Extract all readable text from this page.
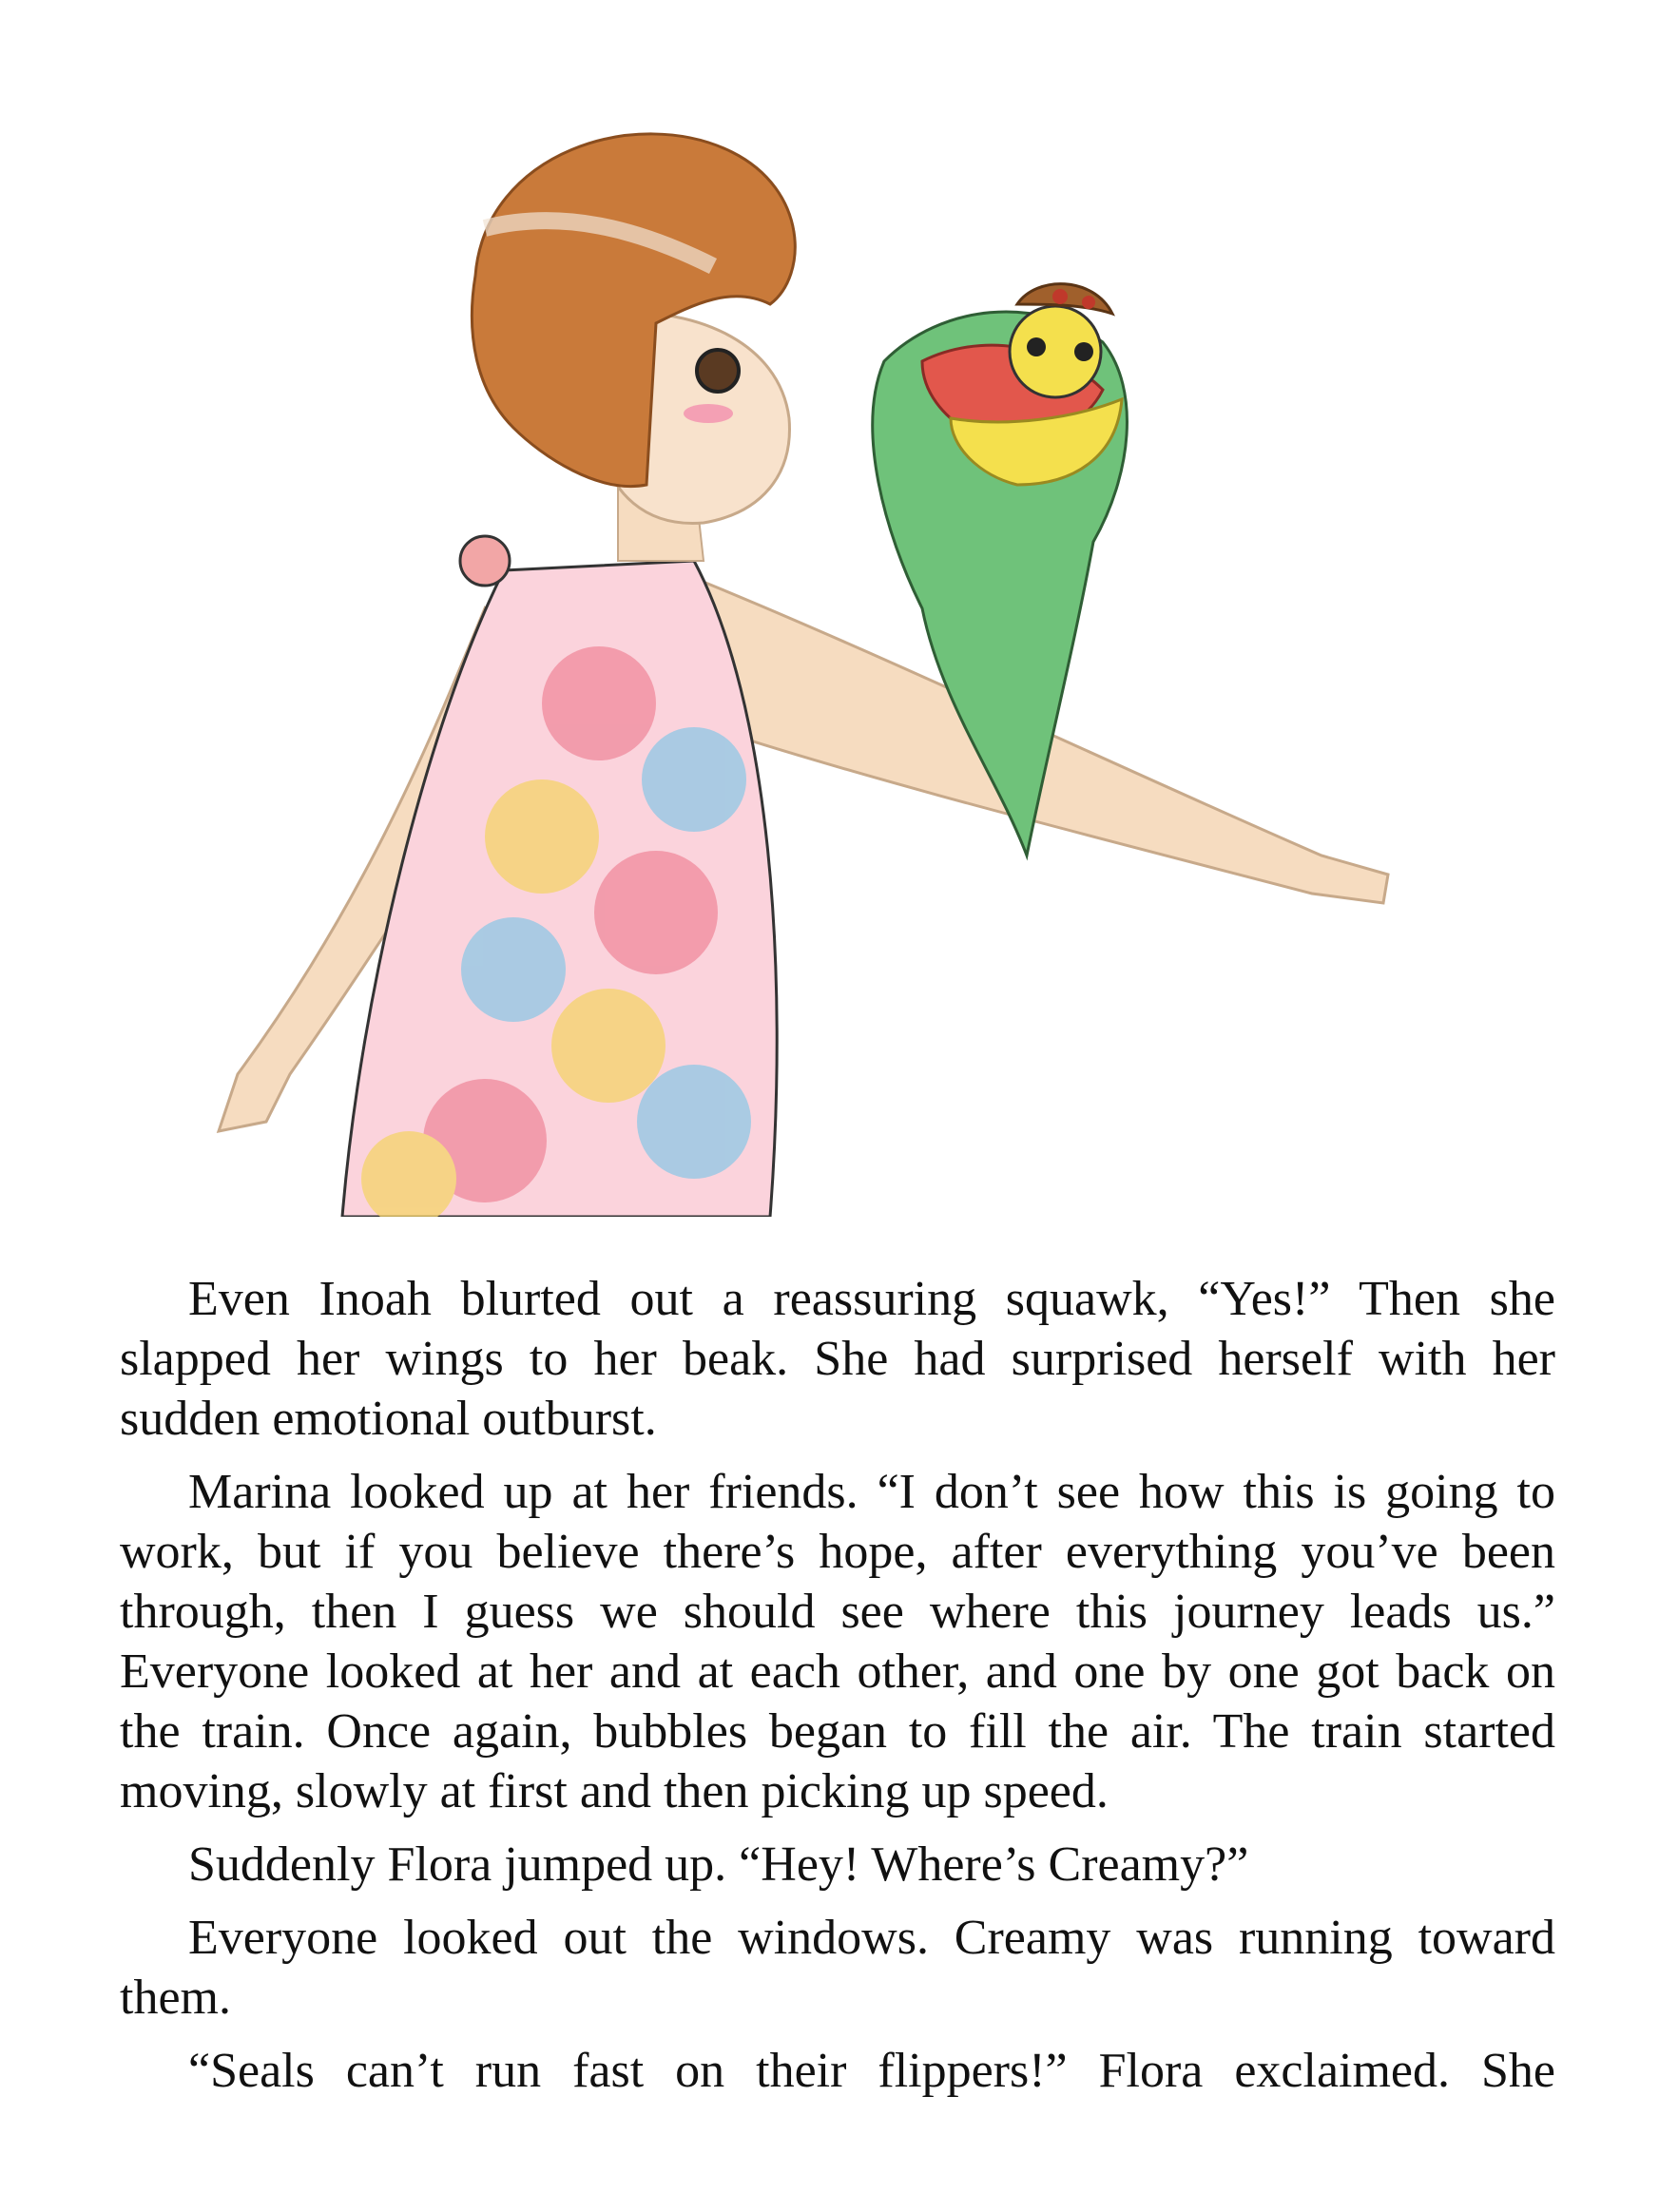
Even Inoah blurted out a reassuring squawk, “Yes!” Then she slapped her wings to her beak. She had surprised herself with her sudden emotional outburst.

Marina looked up at her friends. “I don’t see how this is going to work, but if you believe there’s hope, after everything you’ve been through, then I guess we should see where this journey leads us.” Everyone looked at her and at each other, and one by one got back on the train. Once again, bubbles began to fill the air. The train started moving, slowly at first and then picking up speed.

Suddenly Flora jumped up. “Hey! Where’s Creamy?”

Everyone looked out the windows. Creamy was running toward them.

“Seals can’t run fast on their flippers!” Flora exclaimed. She
